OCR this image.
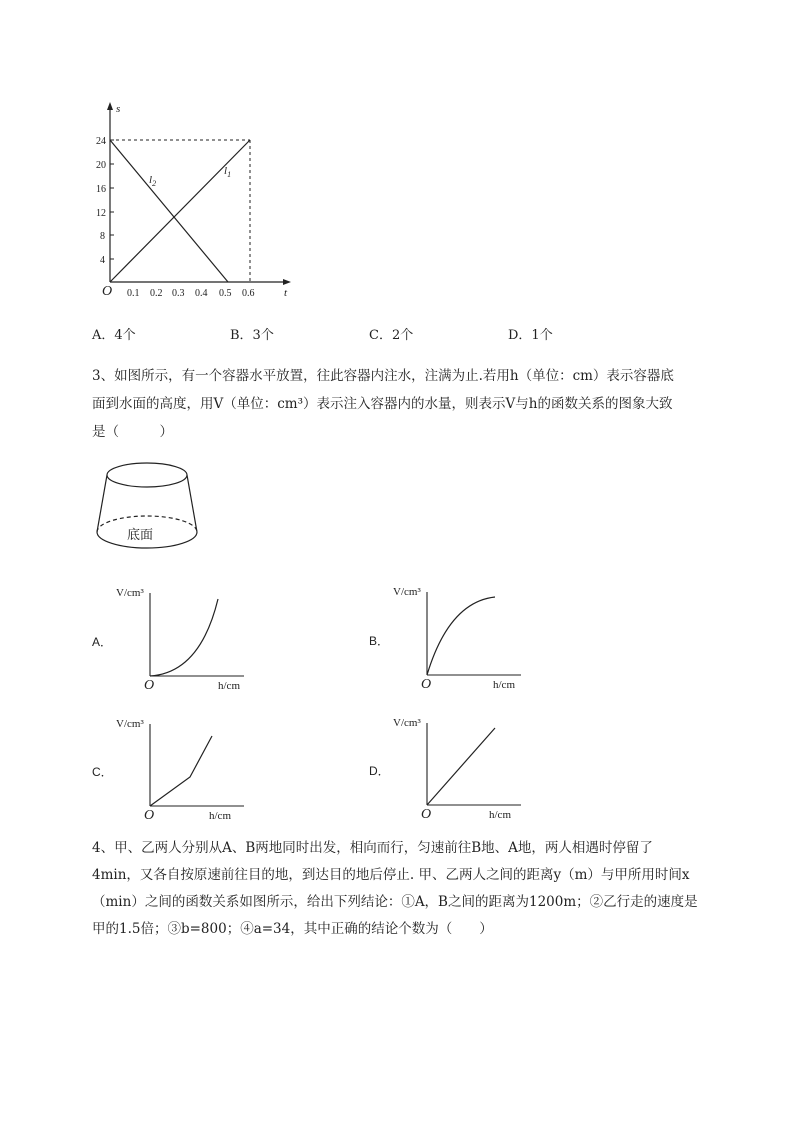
s
t
O
4
8
12
16
20
24
0.1 0.2 0.3 0.4 0.5 0.6
$l_1$
$l_2$
A．4个	B．3个	C．2个	D．1个
3、如图所示，有一个容器水平放置，往此容器内注水，注满为止.若用h（单位：cm）表示容器底
面到水面的高度，用V（单位：cm³）表示注入容器内的水量，则表示V与h的函数关系的图象大致
是（　　　）
底面
A．	B．
C．	D．
V/cm³
h/cm
O
V/cm³
h/cm
O
V/cm³
h/cm
O
V/cm³
h/cm
O
4、甲、乙两人分别从A、B两地同时出发，相向而行，匀速前往B地、A地，两人相遇时停留了
4min，又各自按原速前往目的地，到达目的地后停止. 甲、乙两人之间的距离y（m）与甲所用时间x
（min）之间的函数关系如图所示，给出下列结论：①A，B之间的距离为1200m；②乙行走的速度是
甲的1.5倍；③b=800；④a=34，其中正确的结论个数为（　　）
